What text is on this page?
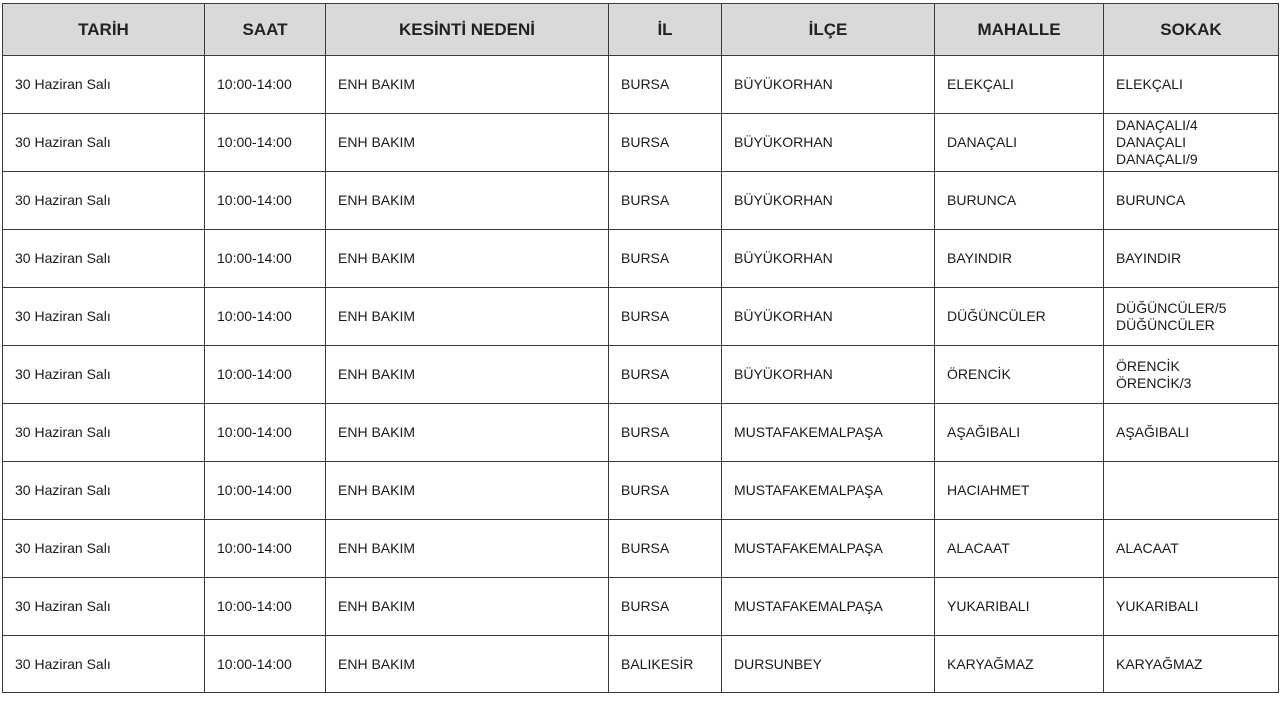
TARİH	SAAT	KESİNTİ NEDENİ	İL	İLÇE	MAHALLE	SOKAK

30 Haziran Salı	10:00-14:00	ENH BAKIM	BURSA	BÜYÜKORHAN	ELEKÇALI	ELEKÇALI

30 Haziran Salı	10:00-14:00	ENH BAKIM	BURSA	BÜYÜKORHAN	DANAÇALI	DANAÇALI/4
DANAÇALI
DANAÇALI/9

30 Haziran Salı	10:00-14:00	ENH BAKIM	BURSA	BÜYÜKORHAN	BURUNCA	BURUNCA

30 Haziran Salı	10:00-14:00	ENH BAKIM	BURSA	BÜYÜKORHAN	BAYINDIR	BAYINDIR

30 Haziran Salı	10:00-14:00	ENH BAKIM	BURSA	BÜYÜKORHAN	DÜĞÜNCÜLER	DÜĞÜNCÜLER/5
DÜĞÜNCÜLER

30 Haziran Salı	10:00-14:00	ENH BAKIM	BURSA	BÜYÜKORHAN	ÖRENCİK	ÖRENCİK
ÖRENCİK/3

30 Haziran Salı	10:00-14:00	ENH BAKIM	BURSA	MUSTAFAKEMALPAŞA	AŞAĞIBALI	AŞAĞIBALI

30 Haziran Salı	10:00-14:00	ENH BAKIM	BURSA	MUSTAFAKEMALPAŞA	HACIAHMET	

30 Haziran Salı	10:00-14:00	ENH BAKIM	BURSA	MUSTAFAKEMALPAŞA	ALACAAT	ALACAAT

30 Haziran Salı	10:00-14:00	ENH BAKIM	BURSA	MUSTAFAKEMALPAŞA	YUKARIBALI	YUKARIBALI

30 Haziran Salı	10:00-14:00	ENH BAKIM	BALIKESİR	DURSUNBEY	KARYAĞMAZ	KARYAĞMAZ
